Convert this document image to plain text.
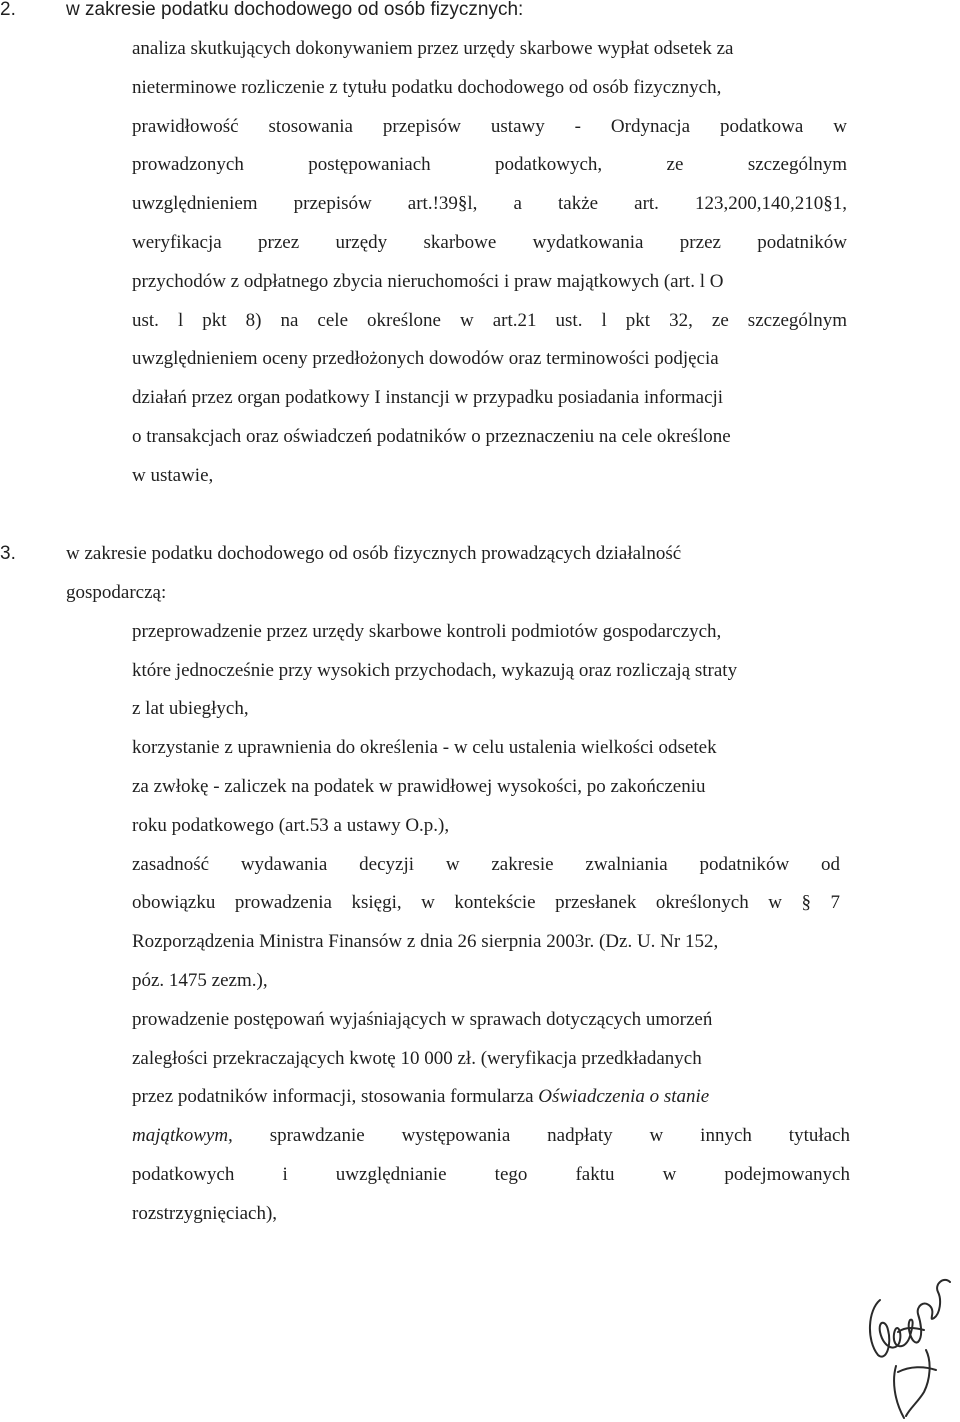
2.	w zakresie podatku dochodowego od osób fizycznych:
analiza skutkujących dokonywaniem przez urzędy skarbowe wypłat odsetek za
nieterminowe rozliczenie z tytułu podatku dochodowego od osób fizycznych,
prawidłowość stosowania przepisów ustawy - Ordynacja podatkowa w
prowadzonych postępowaniach podatkowych, ze szczególnym
uwzględnieniem przepisów art.!39§l, a także art. 123,200,140,210§1,
weryfikacja przez urzędy skarbowe wydatkowania przez podatników
przychodów z odpłatnego zbycia nieruchomości i praw majątkowych (art. l O
ust. l pkt 8) na cele określone w art.21 ust. l pkt 32, ze szczególnym
uwzględnieniem oceny przedłożonych dowodów oraz terminowości podjęcia
działań przez organ podatkowy I instancji w przypadku posiadania informacji
o transakcjach oraz oświadczeń podatników o przeznaczeniu na cele określone
w ustawie,
3.	w zakresie podatku dochodowego od osób fizycznych prowadzących działalność
gospodarczą:
przeprowadzenie przez urzędy skarbowe kontroli podmiotów gospodarczych,
które jednocześnie przy wysokich przychodach, wykazują oraz rozliczają straty
z lat ubiegłych,
korzystanie z uprawnienia do określenia - w celu ustalenia wielkości odsetek
za zwłokę - zaliczek na podatek w prawidłowej wysokości, po zakończeniu
roku podatkowego (art.53 a ustawy O.p.),
zasadność wydawania decyzji w zakresie zwalniania podatników od
obowiązku prowadzenia księgi, w kontekście przesłanek określonych w § 7
Rozporządzenia Ministra Finansów z dnia 26 sierpnia 2003r. (Dz. U. Nr 152,
póz. 1475 zezm.),
prowadzenie postępowań wyjaśniających w sprawach dotyczących umorzeń
zaległości przekraczających kwotę 10 000 zł. (weryfikacja przedkładanych
przez podatników informacji, stosowania formularza Oświadczenia o stanie
majątkowym, sprawdzanie występowania nadpłaty w innych tytułach
podatkowych i uwzględnianie tego faktu w podejmowanych
rozstrzygnięciach),
